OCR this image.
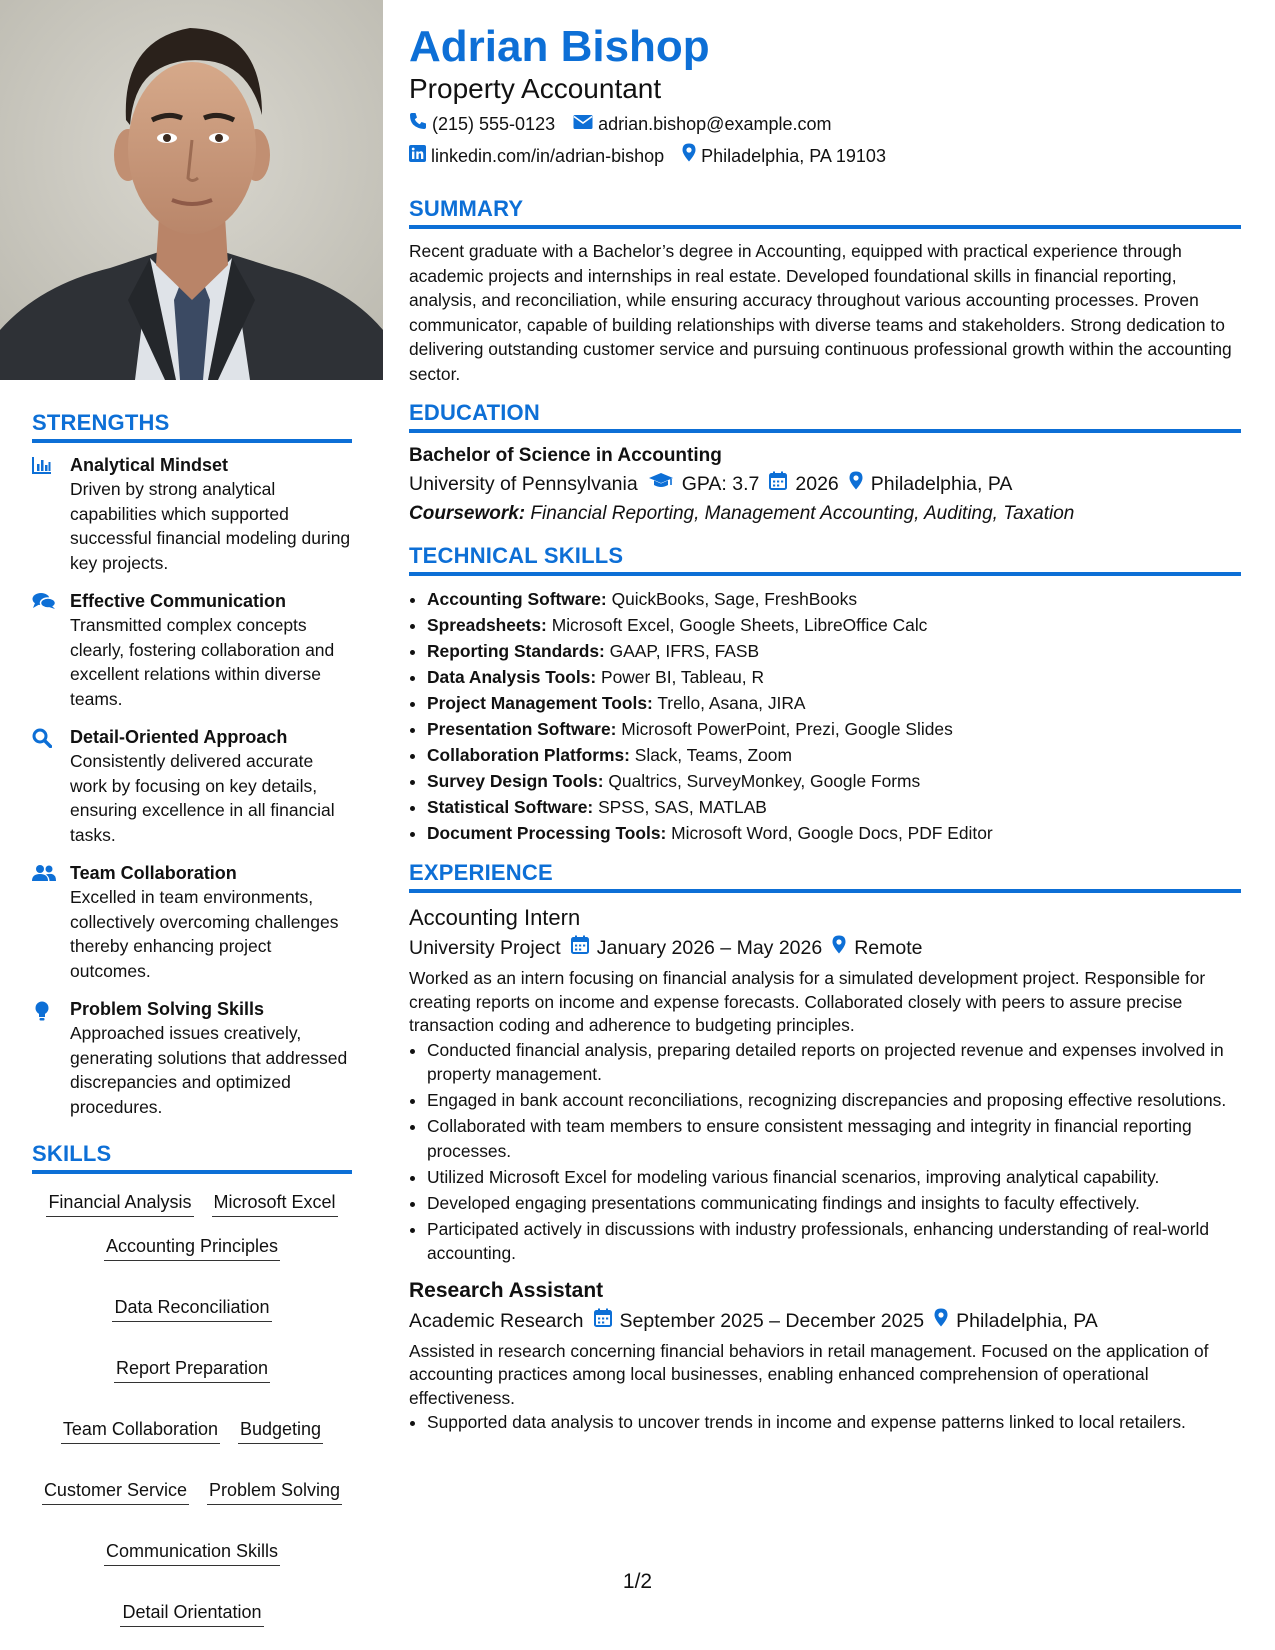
STRENGTHS
Analytical Mindset
Driven by strong analytical capabilities which supported successful financial modeling during key projects.
Effective Communication
Transmitted complex concepts clearly, fostering collaboration and excellent relations within diverse teams.
Detail-Oriented Approach
Consistently delivered accurate work by focusing on key details, ensuring excellence in all financial tasks.
Team Collaboration
Excelled in team environments, collectively overcoming challenges thereby enhancing project outcomes.
Problem Solving Skills
Approached issues creatively, generating solutions that addressed discrepancies and optimized procedures.
SKILLS
Financial Analysis Microsoft Excel
Accounting Principles
Data Reconciliation
Report Preparation
Team Collaboration Budgeting
Customer Service Problem Solving
Communication Skills
Detail Orientation
Adrian Bishop
Property Accountant
(215) 555-0123 adrian.bishop@example.com
linkedin.com/in/adrian-bishop Philadelphia, PA 19103
SUMMARY

Recent graduate with a Bachelor’s degree in Accounting, equipped with practical experience through academic projects and internships in real estate. Developed foundational skills in financial reporting, analysis, and reconciliation, while ensuring accuracy throughout various accounting processes. Proven communicator, capable of building relationships with diverse teams and stakeholders. Strong dedication to delivering outstanding customer service and pursuing continuous professional growth within the accounting sector.

EDUCATION
Bachelor of Science in Accounting
University of Pennsylvania GPA: 3.7 2026 Philadelphia, PA
Coursework: Financial Reporting, Management Accounting, Auditing, Taxation
TECHNICAL SKILLS
• Accounting Software: QuickBooks, Sage, FreshBooks
• Spreadsheets: Microsoft Excel, Google Sheets, LibreOffice Calc
• Reporting Standards: GAAP, IFRS, FASB
• Data Analysis Tools: Power BI, Tableau, R
• Project Management Tools: Trello, Asana, JIRA
• Presentation Software: Microsoft PowerPoint, Prezi, Google Slides
• Collaboration Platforms: Slack, Teams, Zoom
• Survey Design Tools: Qualtrics, SurveyMonkey, Google Forms
• Statistical Software: SPSS, SAS, MATLAB
• Document Processing Tools: Microsoft Word, Google Docs, PDF Editor
EXPERIENCE
Accounting Intern
University Project January 2026 – May 2026 Remote

Worked as an intern focusing on financial analysis for a simulated development project. Responsible for creating reports on income and expense forecasts. Collaborated closely with peers to assure precise transaction coding and adherence to budgeting principles.

• Conducted financial analysis, preparing detailed reports on projected revenue and expenses involved in property management.
• Engaged in bank account reconciliations, recognizing discrepancies and proposing effective resolutions.
• Collaborated with team members to ensure consistent messaging and integrity in financial reporting processes.
• Utilized Microsoft Excel for modeling various financial scenarios, improving analytical capability.
• Developed engaging presentations communicating findings and insights to faculty effectively.
• Participated actively in discussions with industry professionals, enhancing understanding of real-world accounting.
Research Assistant
Academic Research September 2025 – December 2025 Philadelphia, PA

Assisted in research concerning financial behaviors in retail management. Focused on the application of accounting practices among local businesses, enabling enhanced comprehension of operational effectiveness.

• Supported data analysis to uncover trends in income and expense patterns linked to local retailers.
1/2
